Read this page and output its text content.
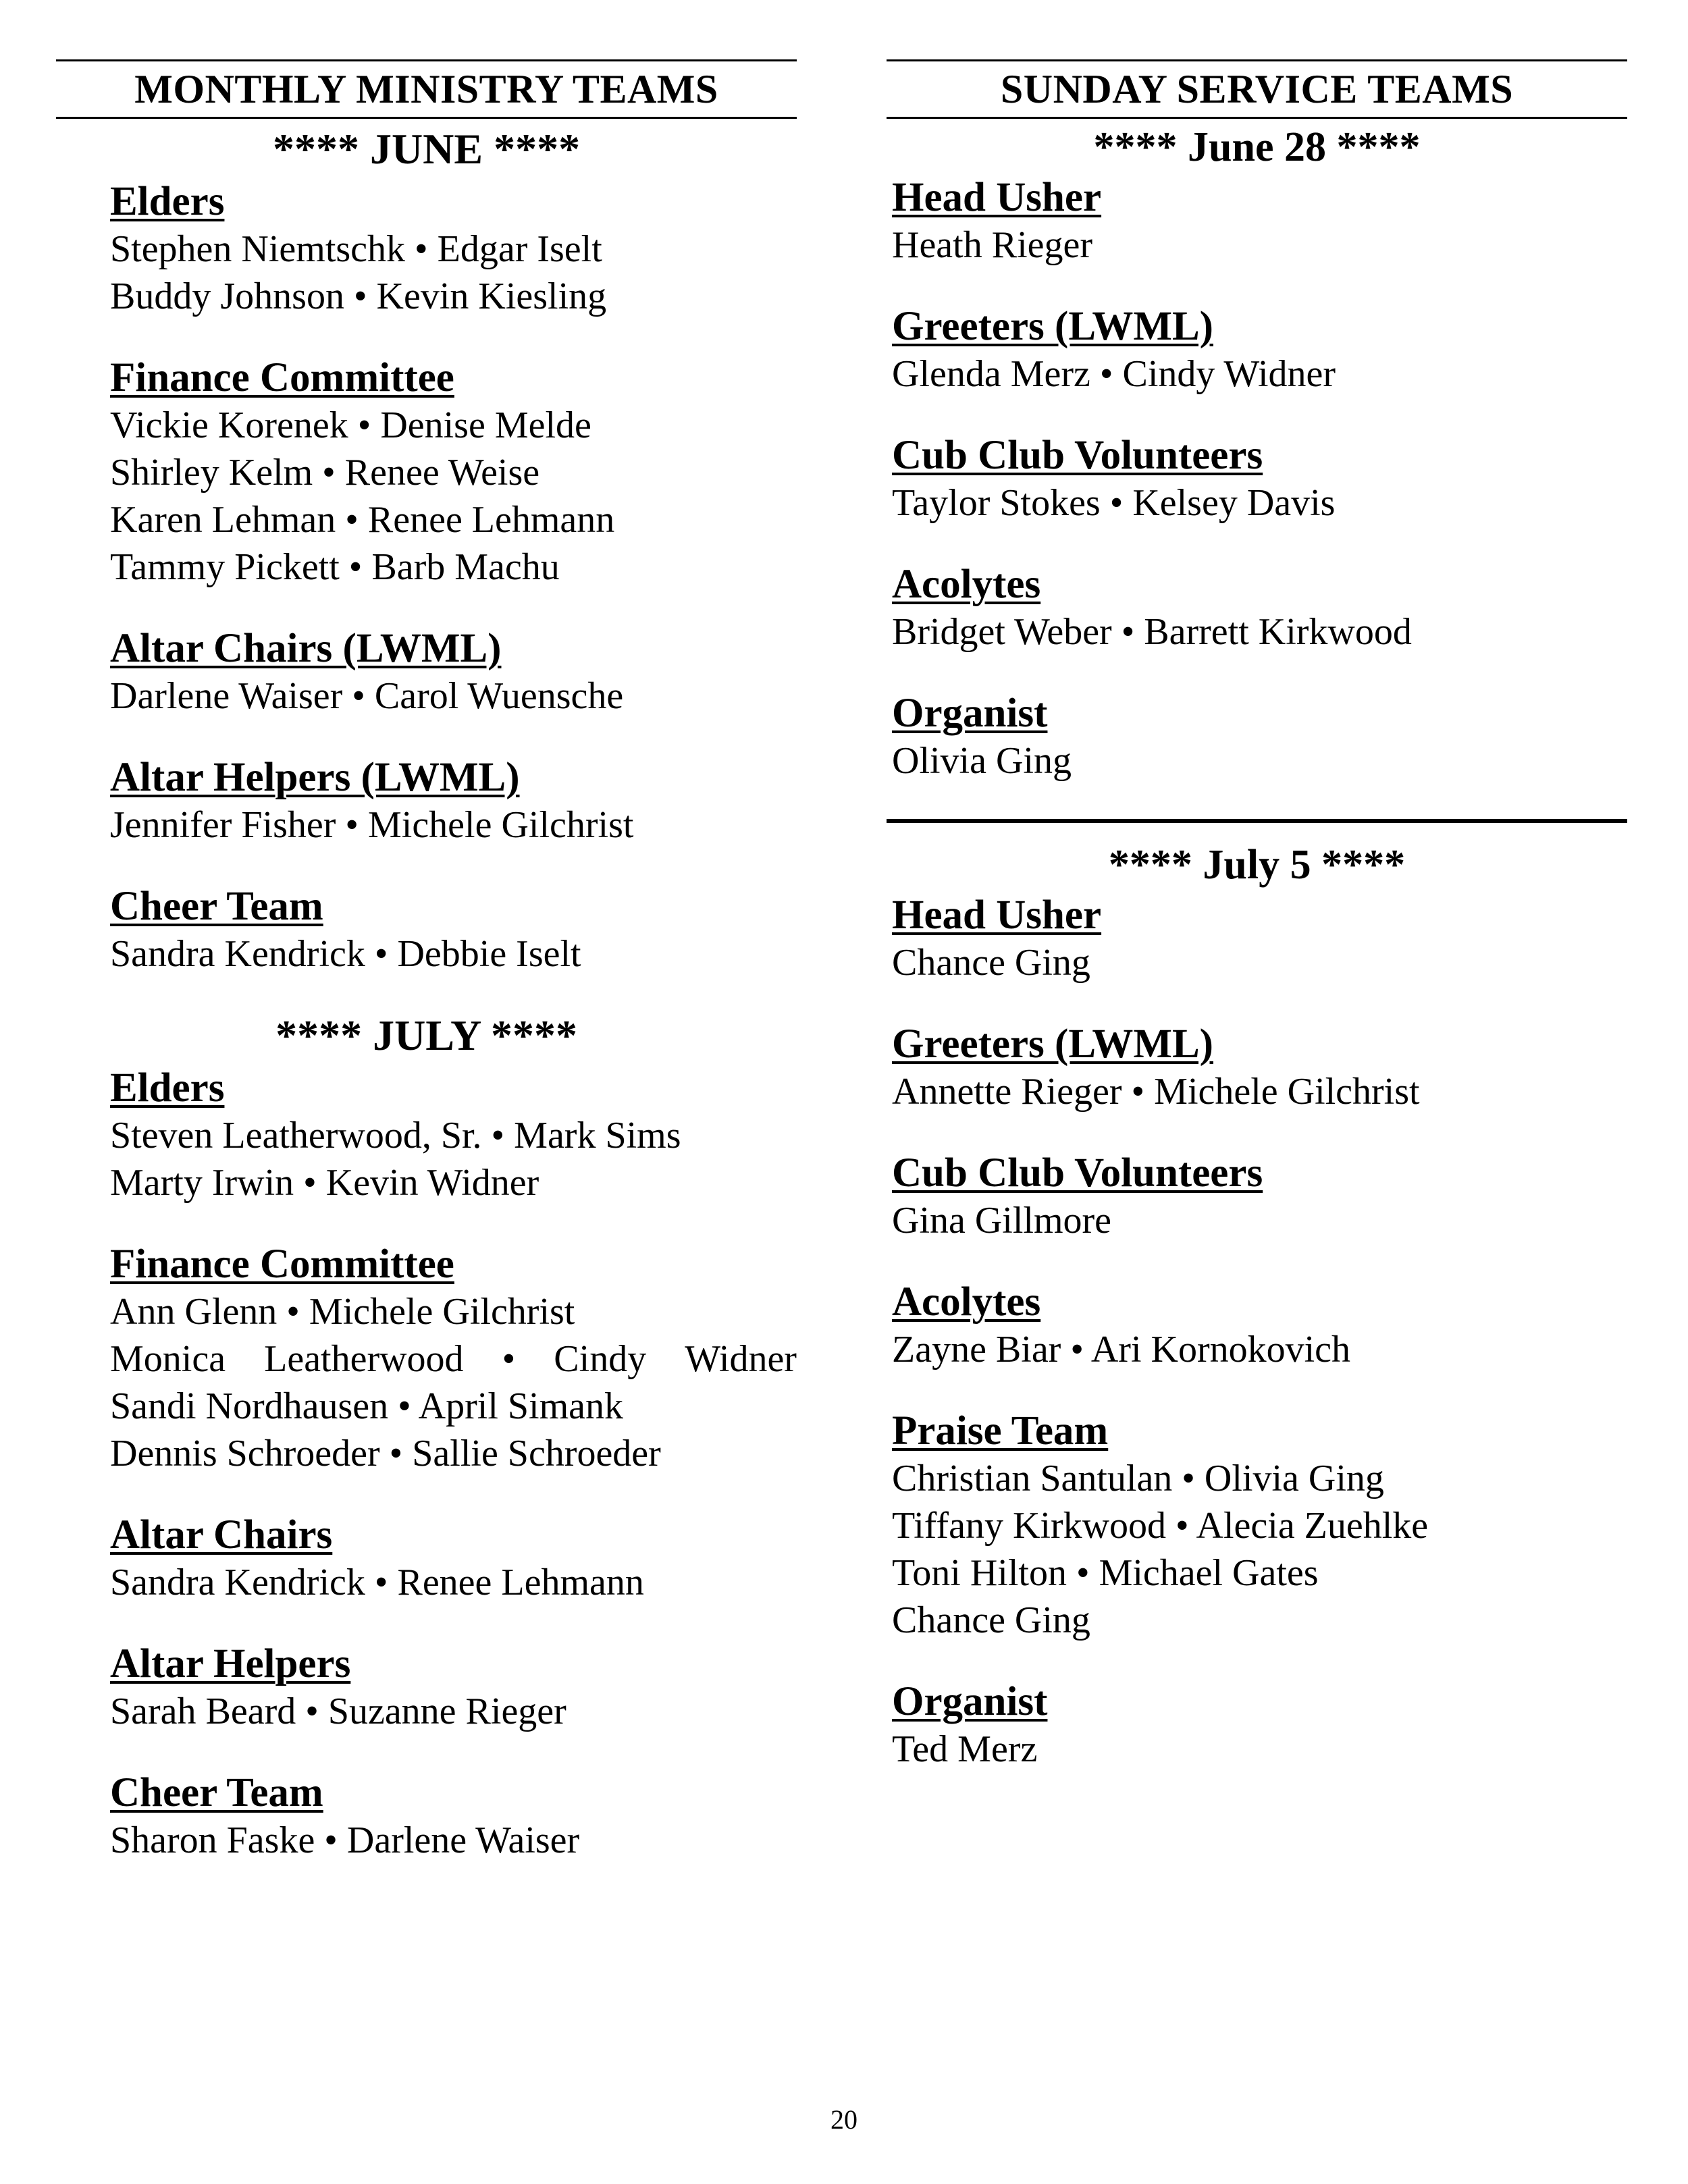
MONTHLY MINISTRY TEAMS
**** JUNE ****
Elders
Stephen Niemtschk • Edgar Iselt
Buddy Johnson • Kevin Kiesling
Finance Committee
Vickie Korenek • Denise Melde
Shirley Kelm • Renee Weise
Karen Lehman • Renee Lehmann
Tammy Pickett • Barb Machu
Altar Chairs (LWML)
Darlene Waiser • Carol Wuensche
Altar Helpers (LWML)
Jennifer Fisher • Michele Gilchrist
Cheer Team
Sandra Kendrick • Debbie Iselt
**** JULY ****
Elders
Steven Leatherwood, Sr. • Mark Sims
Marty Irwin • Kevin Widner
Finance Committee
Ann Glenn • Michele Gilchrist
Monica Leatherwood • Cindy Widner
Sandi Nordhausen • April Simank
Dennis Schroeder • Sallie Schroeder
Altar Chairs
Sandra Kendrick • Renee Lehmann
Altar Helpers
Sarah Beard • Suzanne Rieger
Cheer Team
Sharon Faske • Darlene Waiser
SUNDAY SERVICE TEAMS
**** June 28 ****
Head Usher
Heath Rieger
Greeters (LWML)
Glenda Merz • Cindy Widner
Cub Club Volunteers
Taylor Stokes • Kelsey Davis
Acolytes
Bridget Weber • Barrett Kirkwood
Organist
Olivia Ging
**** July 5 ****
Head Usher
Chance Ging
Greeters (LWML)
Annette Rieger • Michele Gilchrist
Cub Club Volunteers
Gina Gillmore
Acolytes
Zayne Biar • Ari Kornokovich
Praise Team
Christian Santulan • Olivia Ging
Tiffany Kirkwood • Alecia Zuehlke
Toni Hilton • Michael Gates
Chance Ging
Organist
Ted Merz
20
